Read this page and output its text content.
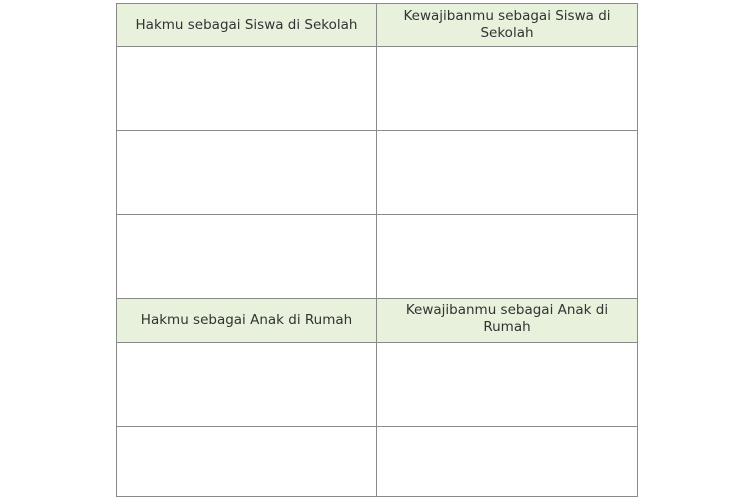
Hakmu sebagai Siswa di Sekolah	Kewajibanmu sebagai Siswa di Sekolah

Hakmu sebagai Anak di Rumah	Kewajibanmu sebagai Anak di Rumah
